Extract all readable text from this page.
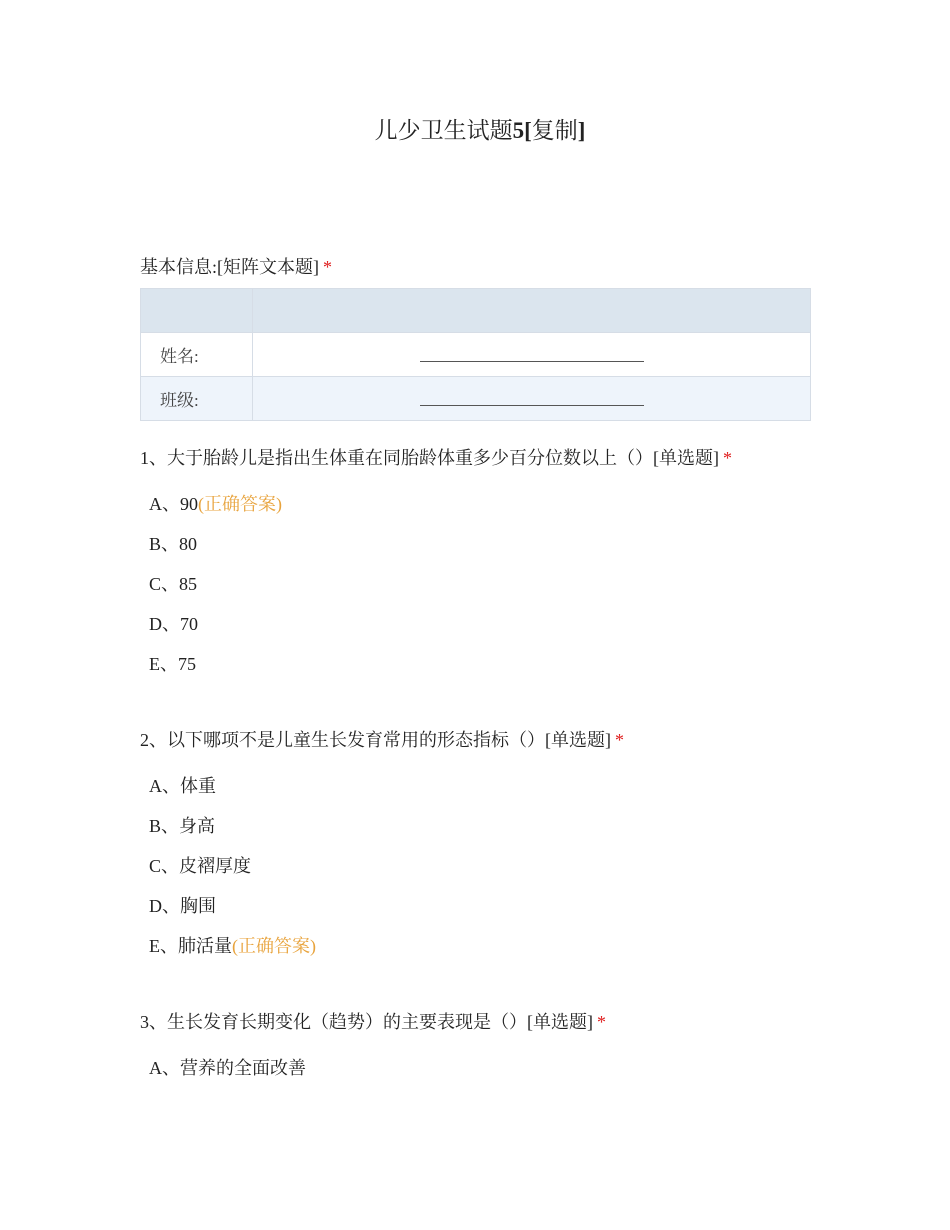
儿少卫生试题5[复制]
基本信息:[矩阵文本题] *

姓名:	
班级:	
1、大于胎龄儿是指出生体重在同胎龄体重多少百分位数以上（）[单选题] *
A、90(正确答案)
B、80
C、85
D、70
E、75
2、以下哪项不是儿童生长发育常用的形态指标（）[单选题] *
A、体重
B、身高
C、皮褶厚度
D、胸围
E、肺活量(正确答案)
3、生长发育长期变化（趋势）的主要表现是（）[单选题] *
A、营养的全面改善
